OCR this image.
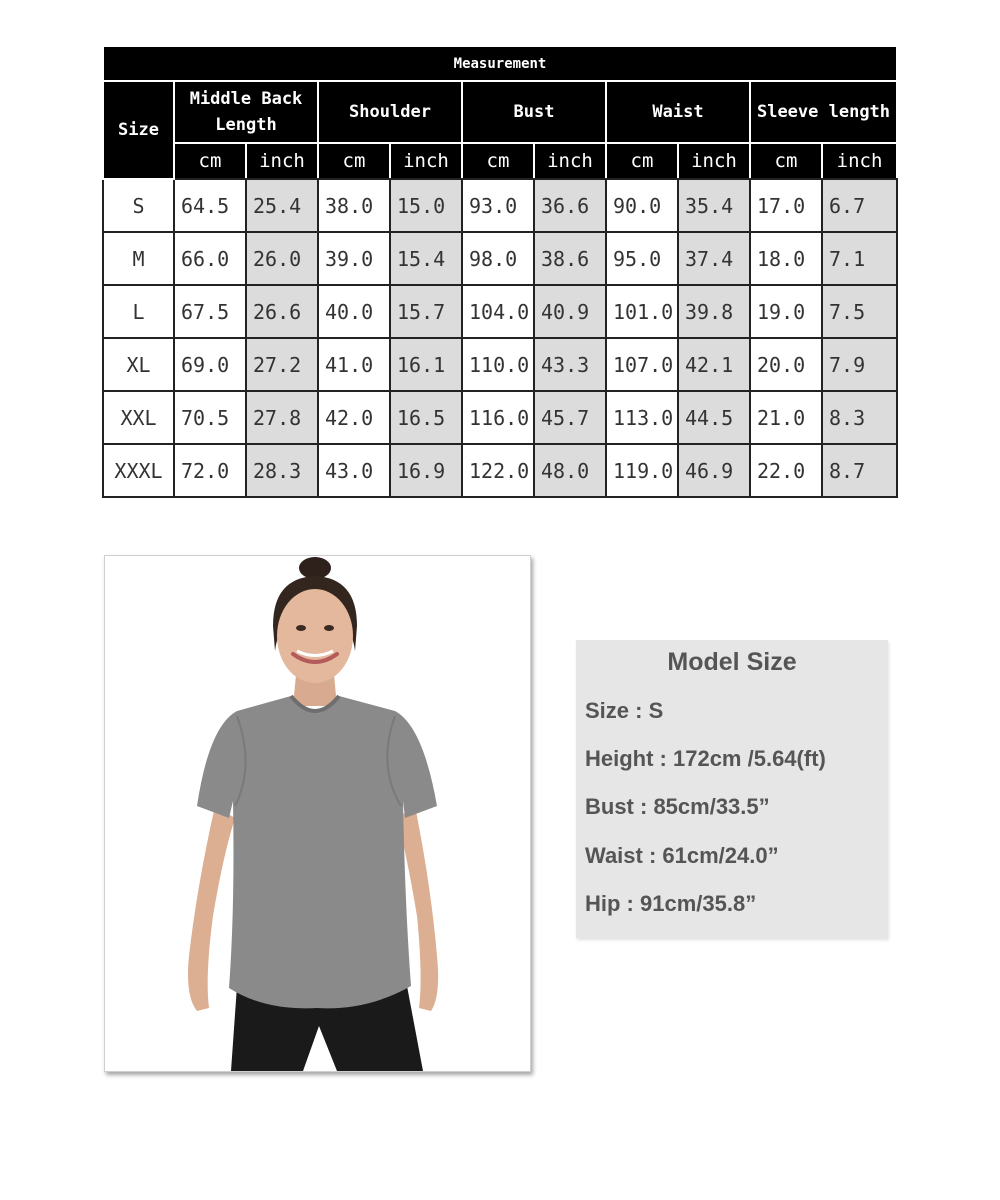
Measurement										
Size	Middle Back
Length		Shoulder		Bust		Waist		Sleeve length	
	cm	inch	cm	inch	cm	inch	cm	inch	cm	inch
S	64.5	25.4	38.0	15.0	93.0	36.6	90.0	35.4	17.0	6.7
M	66.0	26.0	39.0	15.4	98.0	38.6	95.0	37.4	18.0	7.1
L	67.5	26.6	40.0	15.7	104.0	40.9	101.0	39.8	19.0	7.5
XL	69.0	27.2	41.0	16.1	110.0	43.3	107.0	42.1	20.0	7.9
XXL	70.5	27.8	42.0	16.5	116.0	45.7	113.0	44.5	21.0	8.3
XXXL	72.0	28.3	43.0	16.9	122.0	48.0	119.0	46.9	22.0	8.7
Model Size
Size : S
Height : 172cm /5.64(ft)
Bust : 85cm/33.5”
Waist : 61cm/24.0”
Hip : 91cm/35.8”
